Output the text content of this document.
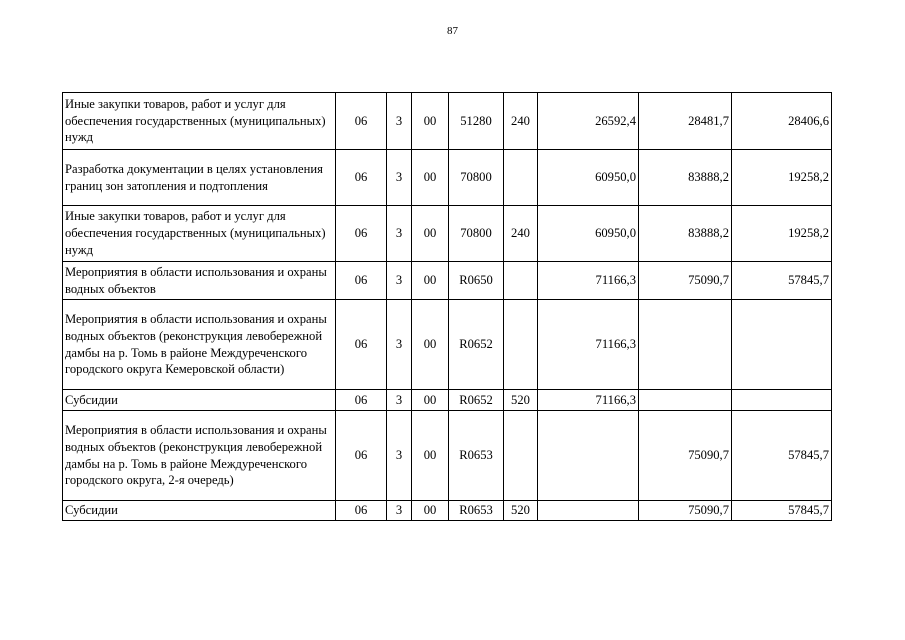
87
Иные закупки товаров, работ и услуг для обеспечения государственных (муниципальных) нужд	06	3	00	51280	240	26592,4	28481,7	28406,6
Разработка документации в целях установления границ зон затопления и подтопления	06	3	00	70800		60950,0	83888,2	19258,2
Иные закупки товаров, работ и услуг для обеспечения государственных (муниципальных) нужд	06	3	00	70800	240	60950,0	83888,2	19258,2
Мероприятия в области использования и охраны водных объектов	06	3	00	R0650		71166,3	75090,7	57845,7
Мероприятия в области использования и охраны водных объектов (реконструкция левобережной дамбы на р. Томь в районе Междуреченского городского округа Кемеровской области)	06	3	00	R0652		71166,3		
Субсидии	06	3	00	R0652	520	71166,3		
Мероприятия в области использования и охраны водных объектов (реконструкция левобережной дамбы на р. Томь в районе Междуреченского городского округа, 2-я очередь)	06	3	00	R0653			75090,7	57845,7
Субсидии	06	3	00	R0653	520		75090,7	57845,7
